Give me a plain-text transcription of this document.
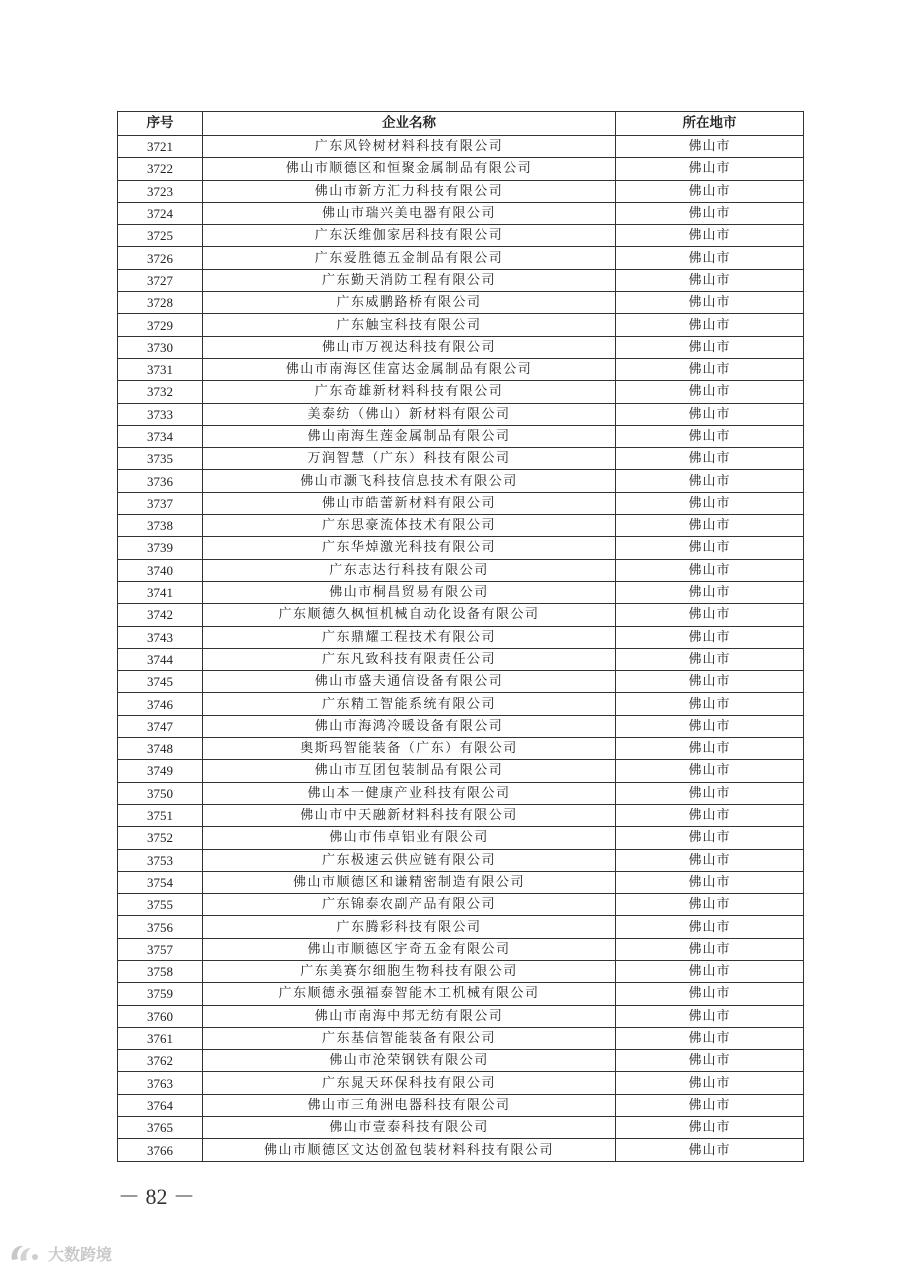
序号	企业名称	所在地市
3721	广东风铃树材料科技有限公司	佛山市
3722	佛山市顺德区和恒聚金属制品有限公司	佛山市
3723	佛山市新方汇力科技有限公司	佛山市
3724	佛山市瑞兴美电器有限公司	佛山市
3725	广东沃维伽家居科技有限公司	佛山市
3726	广东爱胜德五金制品有限公司	佛山市
3727	广东勤天消防工程有限公司	佛山市
3728	广东威鹏路桥有限公司	佛山市
3729	广东触宝科技有限公司	佛山市
3730	佛山市万视达科技有限公司	佛山市
3731	佛山市南海区佳富达金属制品有限公司	佛山市
3732	广东奇雄新材料科技有限公司	佛山市
3733	美泰纺（佛山）新材料有限公司	佛山市
3734	佛山南海生莲金属制品有限公司	佛山市
3735	万润智慧（广东）科技有限公司	佛山市
3736	佛山市灏飞科技信息技术有限公司	佛山市
3737	佛山市皓蕾新材料有限公司	佛山市
3738	广东思豪流体技术有限公司	佛山市
3739	广东华焯激光科技有限公司	佛山市
3740	广东志达行科技有限公司	佛山市
3741	佛山市桐昌贸易有限公司	佛山市
3742	广东顺德久枫恒机械自动化设备有限公司	佛山市
3743	广东鼎耀工程技术有限公司	佛山市
3744	广东凡致科技有限责任公司	佛山市
3745	佛山市盛夫通信设备有限公司	佛山市
3746	广东精工智能系统有限公司	佛山市
3747	佛山市海鸿冷暖设备有限公司	佛山市
3748	奥斯玛智能装备（广东）有限公司	佛山市
3749	佛山市互团包装制品有限公司	佛山市
3750	佛山本一健康产业科技有限公司	佛山市
3751	佛山市中天融新材料科技有限公司	佛山市
3752	佛山市伟卓铝业有限公司	佛山市
3753	广东极速云供应链有限公司	佛山市
3754	佛山市顺德区和谦精密制造有限公司	佛山市
3755	广东锦泰农副产品有限公司	佛山市
3756	广东腾彩科技有限公司	佛山市
3757	佛山市顺德区宇奇五金有限公司	佛山市
3758	广东美赛尔细胞生物科技有限公司	佛山市
3759	广东顺德永强福泰智能木工机械有限公司	佛山市
3760	佛山市南海中邦无纺有限公司	佛山市
3761	广东基信智能装备有限公司	佛山市
3762	佛山市沧荣钢铁有限公司	佛山市
3763	广东晁天环保科技有限公司	佛山市
3764	佛山市三角洲电器科技有限公司	佛山市
3765	佛山市壹泰科技有限公司	佛山市
3766	佛山市顺德区文达创盈包装材料科技有限公司	佛山市
－ 82 －
大数跨境
